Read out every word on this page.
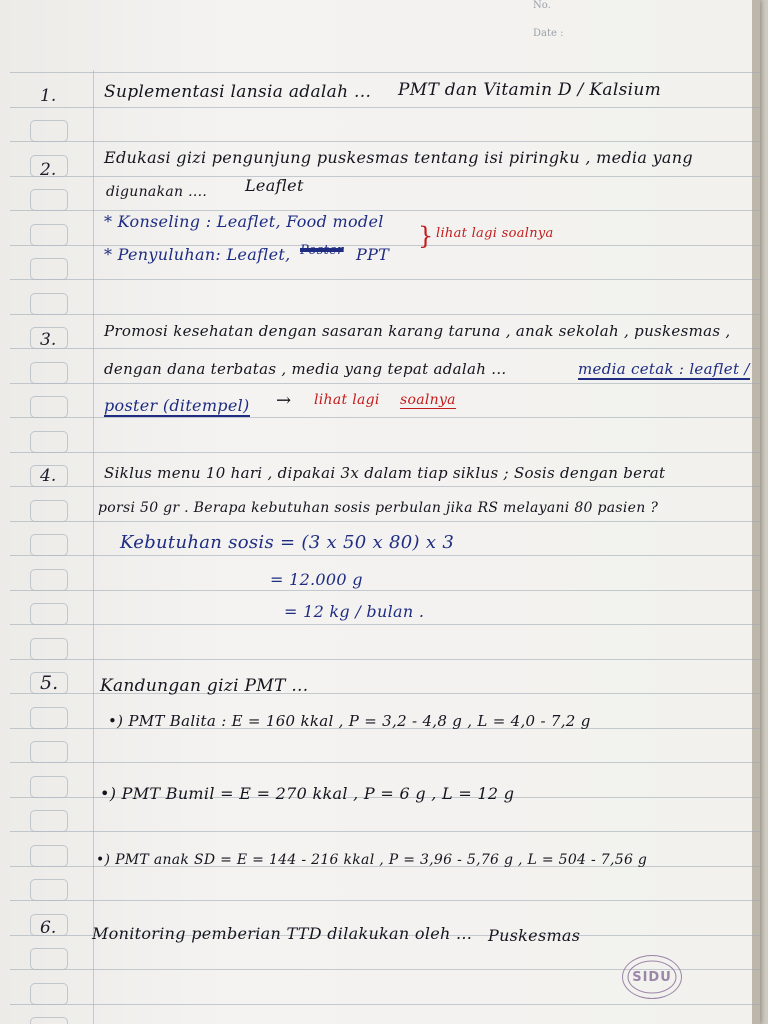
No.
Date :
1.	Suplementasi lansia adalah ... PMT dan Vitamin D / Kalsium
2.
Edukasi gizi pengunjung puskesmas tentang isi piringku , media yang
digunakan .... Leaflet
* Konseling : Leaflet, Food model
* Penyuluhan: Leaflet, Poster PPT
} lihat lagi soalnya
3.	Promosi kesehatan dengan sasaran karang taruna , anak sekolah , puskesmas ,
dengan dana terbatas , media yang tepat adalah ...	media cetak : leaflet /
poster (ditempel) → lihat lagi soalnya
4.	Siklus menu 10 hari , dipakai 3x dalam tiap siklus ; Sosis dengan berat
porsi 50 gr . Berapa kebutuhan sosis perbulan jika RS melayani 80 pasien ?
Kebutuhan sosis = (3 x 50 x 80) x 3
= 12.000 g
= 12 kg / bulan .
5. Kandungan gizi PMT ...
•) PMT Balita : E = 160 kkal , P = 3,2 - 4,8 g , L = 4,0 - 7,2 g
•) PMT Bumil = E = 270 kkal , P = 6 g , L = 12 g
•) PMT anak SD = E = 144 - 216 kkal , P = 3,96 - 5,76 g , L = 504 - 7,56 g
6. Monitoring pemberian TTD dilakukan oleh ... Puskesmas
SIDU
